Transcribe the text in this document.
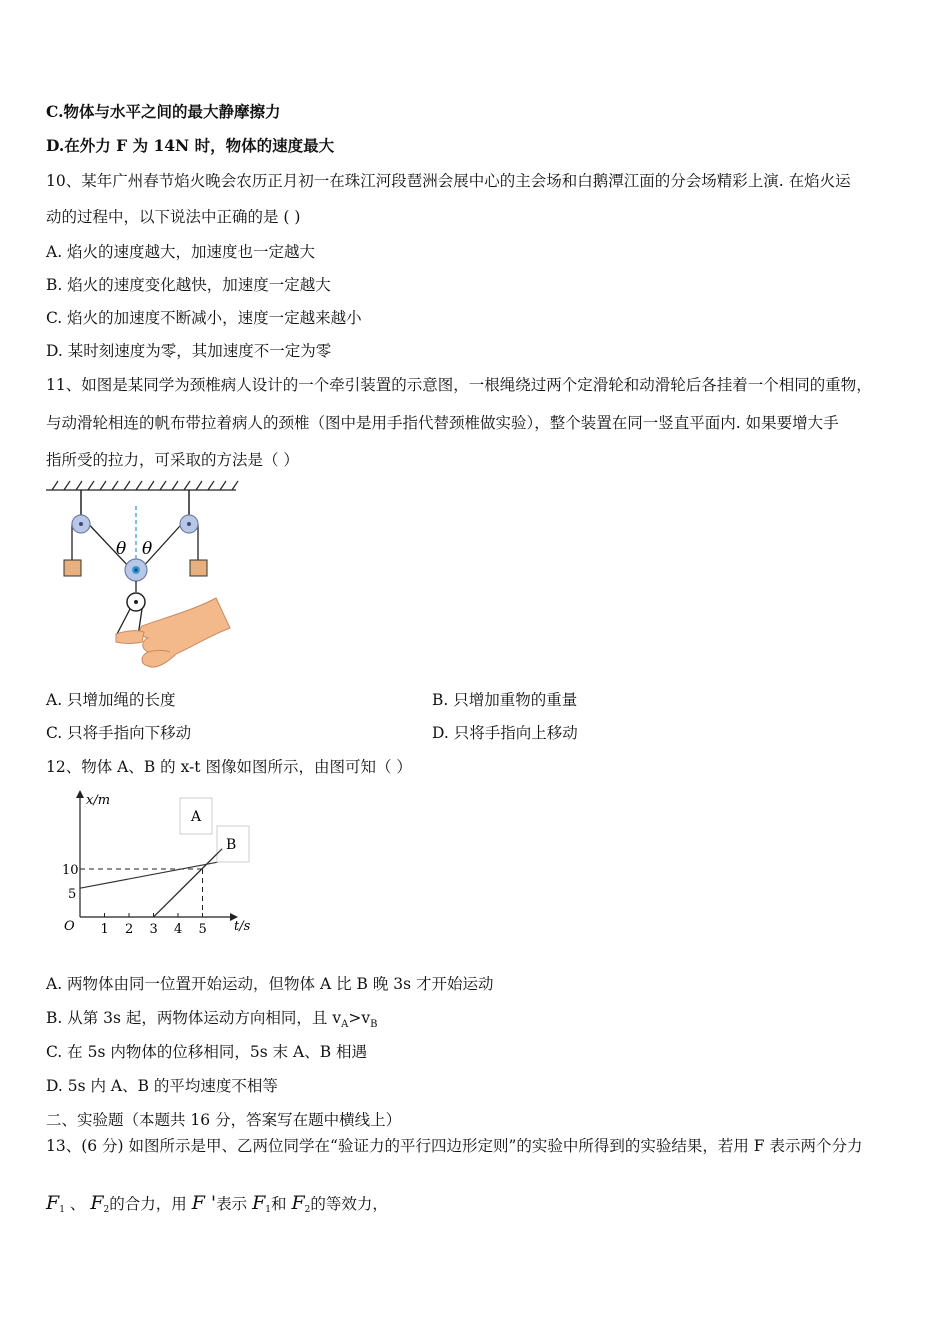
C.物体与水平之间的最大静摩擦力
D.在外力 F 为 14N 时，物体的速度最大
10、某年广州春节焰火晚会农历正月初一在珠江河段琶洲会展中心的主会场和白鹅潭江面的分会场精彩上演. 在焰火运
动的过程中，以下说法中正确的是 ( )
A. 焰火的速度越大，加速度也一定越大
B. 焰火的速度变化越快，加速度一定越大
C. 焰火的加速度不断减小，速度一定越来越小
D. 某时刻速度为零，其加速度不一定为零
11、如图是某同学为颈椎病人设计的一个牵引装置的示意图，一根绳绕过两个定滑轮和动滑轮后各挂着一个相同的重物，
与动滑轮相连的帆布带拉着病人的颈椎（图中是用手指代替颈椎做实验），整个装置在同一竖直平面内. 如果要增大手
指所受的拉力，可采取的方法是（ ）
θ θ
A. 只增加绳的长度	B. 只增加重物的重量
C. 只将手指向下移动	D. 只将手指向上移动
12、物体 A、B 的 x-t 图像如图所示，由图可知（ ）
x/m
t/s
O 1 2 3 4 5
5
10
A
B
A. 两物体由同一位置开始运动，但物体 A 比 B 晚 3s 才开始运动
B. 从第 3s 起，两物体运动方向相同，且 $v_A>v_B$
C. 在 5s 内物体的位移相同，5s 末 A、B 相遇
D. 5s 内 A、B 的平均速度不相等
二、实验题（本题共 16 分，答案写在题中横线上）
13、(6 分) 如图所示是甲、乙两位同学在“验证力的平行四边形定则”的实验中所得到的实验结果，若用 F 表示两个分力
F1 、 F2的合力，用 F '表示 F1和 F2的等效力，
